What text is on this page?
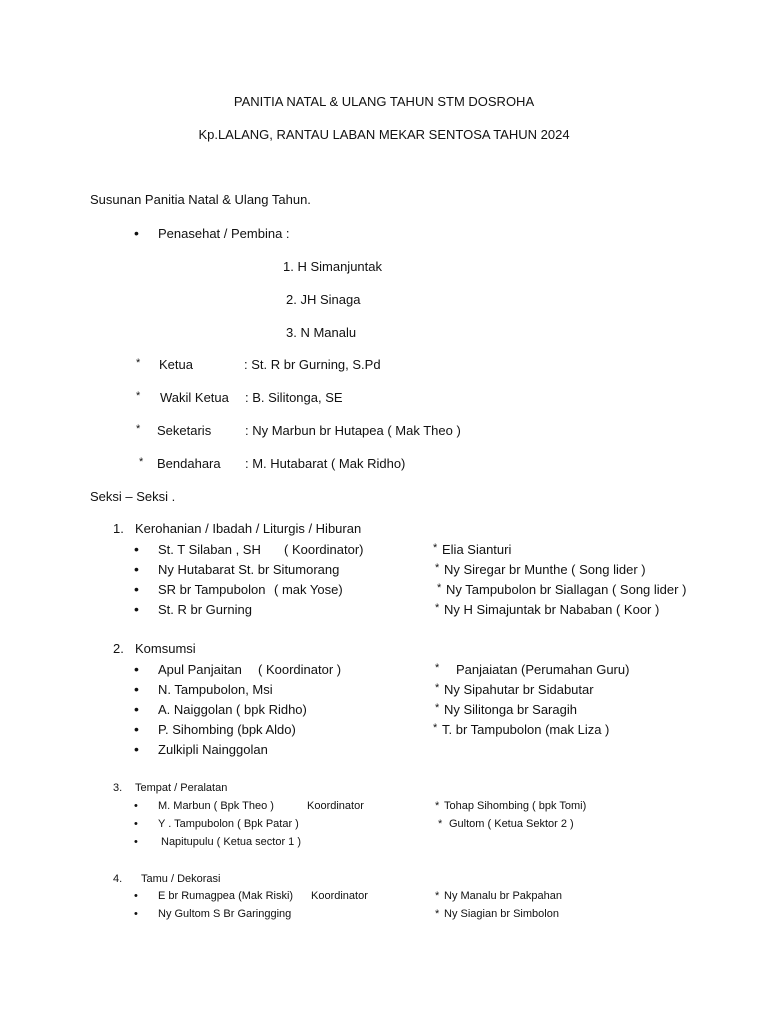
PANITIA NATAL & ULANG TAHUN STM DOSROHA
Kp.LALANG, RANTAU LABAN MEKAR SENTOSA TAHUN 2024
Susunan Panitia Natal & Ulang Tahun.
• Penasehat / Pembina :
1. H Simanjuntak
2. JH Sinaga
3. N Manalu
* Ketua	: St. R br Gurning, S.Pd
* Wakil Ketua : B. Silitonga, SE
* Seketaris	: Ny Marbun br Hutapea ( Mak Theo )
* Bendahara : M. Hutabarat ( Mak Ridho)
Seksi – Seksi .
1. Kerohanian / Ibadah / Liturgis / Hiburan
• St. T Silaban , SH ( Koordinator)	* Elia Sianturi
• Ny Hutabarat St. br Situmorang	* Ny Siregar br Munthe ( Song lider )
• SR br Tampubolon ( mak Yose)	* Ny Tampubolon br Siallagan ( Song lider )
• St. R br Gurning	* Ny H Simajuntak br Nababan ( Koor )
2. Komsumsi
• Apul Panjaitan ( Koordinator )	* Panjaiatan (Perumahan Guru)
• N. Tampubolon, Msi	* Ny Sipahutar br Sidabutar
• A. Naiggolan ( bpk Ridho)	* Ny Silitonga br Saragih
• P. Sihombing (bpk Aldo)	* T. br Tampubolon (mak Liza )
• Zulkipli Nainggolan
3. Tempat / Peralatan
• M. Marbun ( Bpk Theo )	Koordinator	* Tohap Sihombing ( bpk Tomi)
• Y . Tampubolon ( Bpk Patar )	* Gultom ( Ketua Sektor 2 )
• Napitupulu ( Ketua sector 1 )
4. Tamu / Dekorasi
• E br Rumagpea (Mak Riski) Koordinator	* Ny Manalu br Pakpahan
• Ny Gultom S Br Garingging	* Ny Siagian br Simbolon
